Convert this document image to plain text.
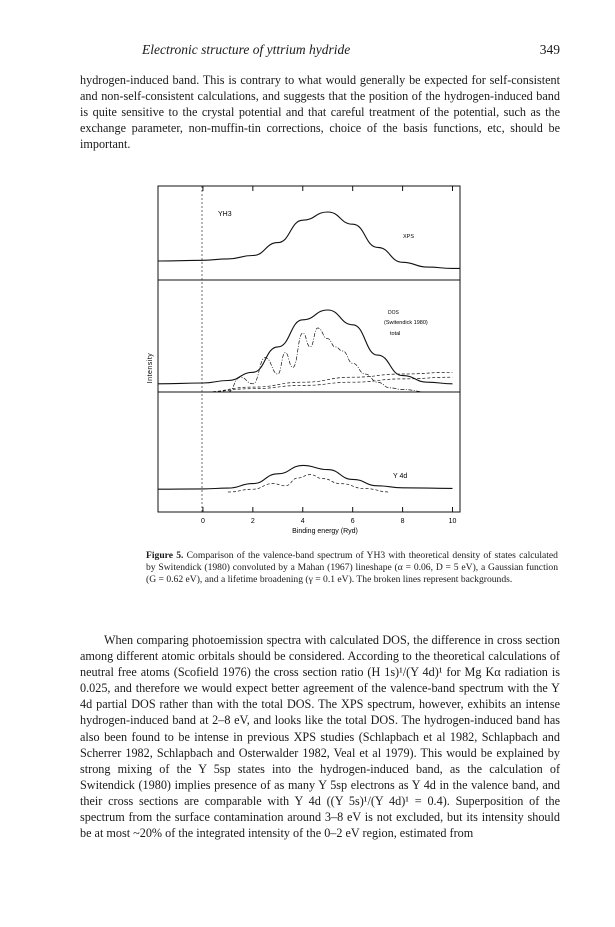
Electronic structure of yttrium hydride	349

hydrogen-induced band. This is contrary to what would generally be expected for self-consistent and non-self-consistent calculations, and suggests that the position of the hydrogen-induced band is quite sensitive to the crystal potential and that careful treatment of the potential, such as the exchange parameter, non-muffin-tin corrections, choice of the basis functions, etc, should be important.

0	2	4	6	8	10
Intensity
Binding energy (Ryd)
YH3
XPS
DOS
(Switendick 1980)
total
Y 4d

Figure 5. Comparison of the valence-band spectrum of YH3 with theoretical density of states calculated by Switendick (1980) convoluted by a Mahan (1967) lineshape (α = 0.06, D = 5 eV), a Gaussian function (G = 0.62 eV), and a lifetime broadening (γ = 0.1 eV). The broken lines represent backgrounds.

When comparing photoemission spectra with calculated DOS, the difference in cross section among different atomic orbitals should be considered. According to the theoretical calculations of neutral free atoms (Scofield 1976) the cross section ratio (H 1s)¹/(Y 4d)¹ for Mg Kα radiation is 0.025, and therefore we would expect better agreement of the valence-band spectrum with the Y 4d partial DOS rather than with the total DOS. The XPS spectrum, however, exhibits an intense hydrogen-induced band at 2–8 eV, and looks like the total DOS. The hydrogen-induced band has also been found to be intense in previous XPS studies (Schlapbach et al 1982, Schlapbach and Scherrer 1982, Schlapbach and Osterwalder 1982, Veal et al 1979). This would be explained by strong mixing of the Y 5sp states into the hydrogen-induced band, as the calculation of Switendick (1980) implies presence of as many Y 5sp electrons as Y 4d in the valence band, and their cross sections are comparable with Y 4d ((Y 5s)¹/(Y 4d)¹ = 0.4). Superposition of the spectrum from the surface contamination around 3–8 eV is not excluded, but its intensity should be at most ~20% of the integrated intensity of the 0–2 eV region, estimated from
